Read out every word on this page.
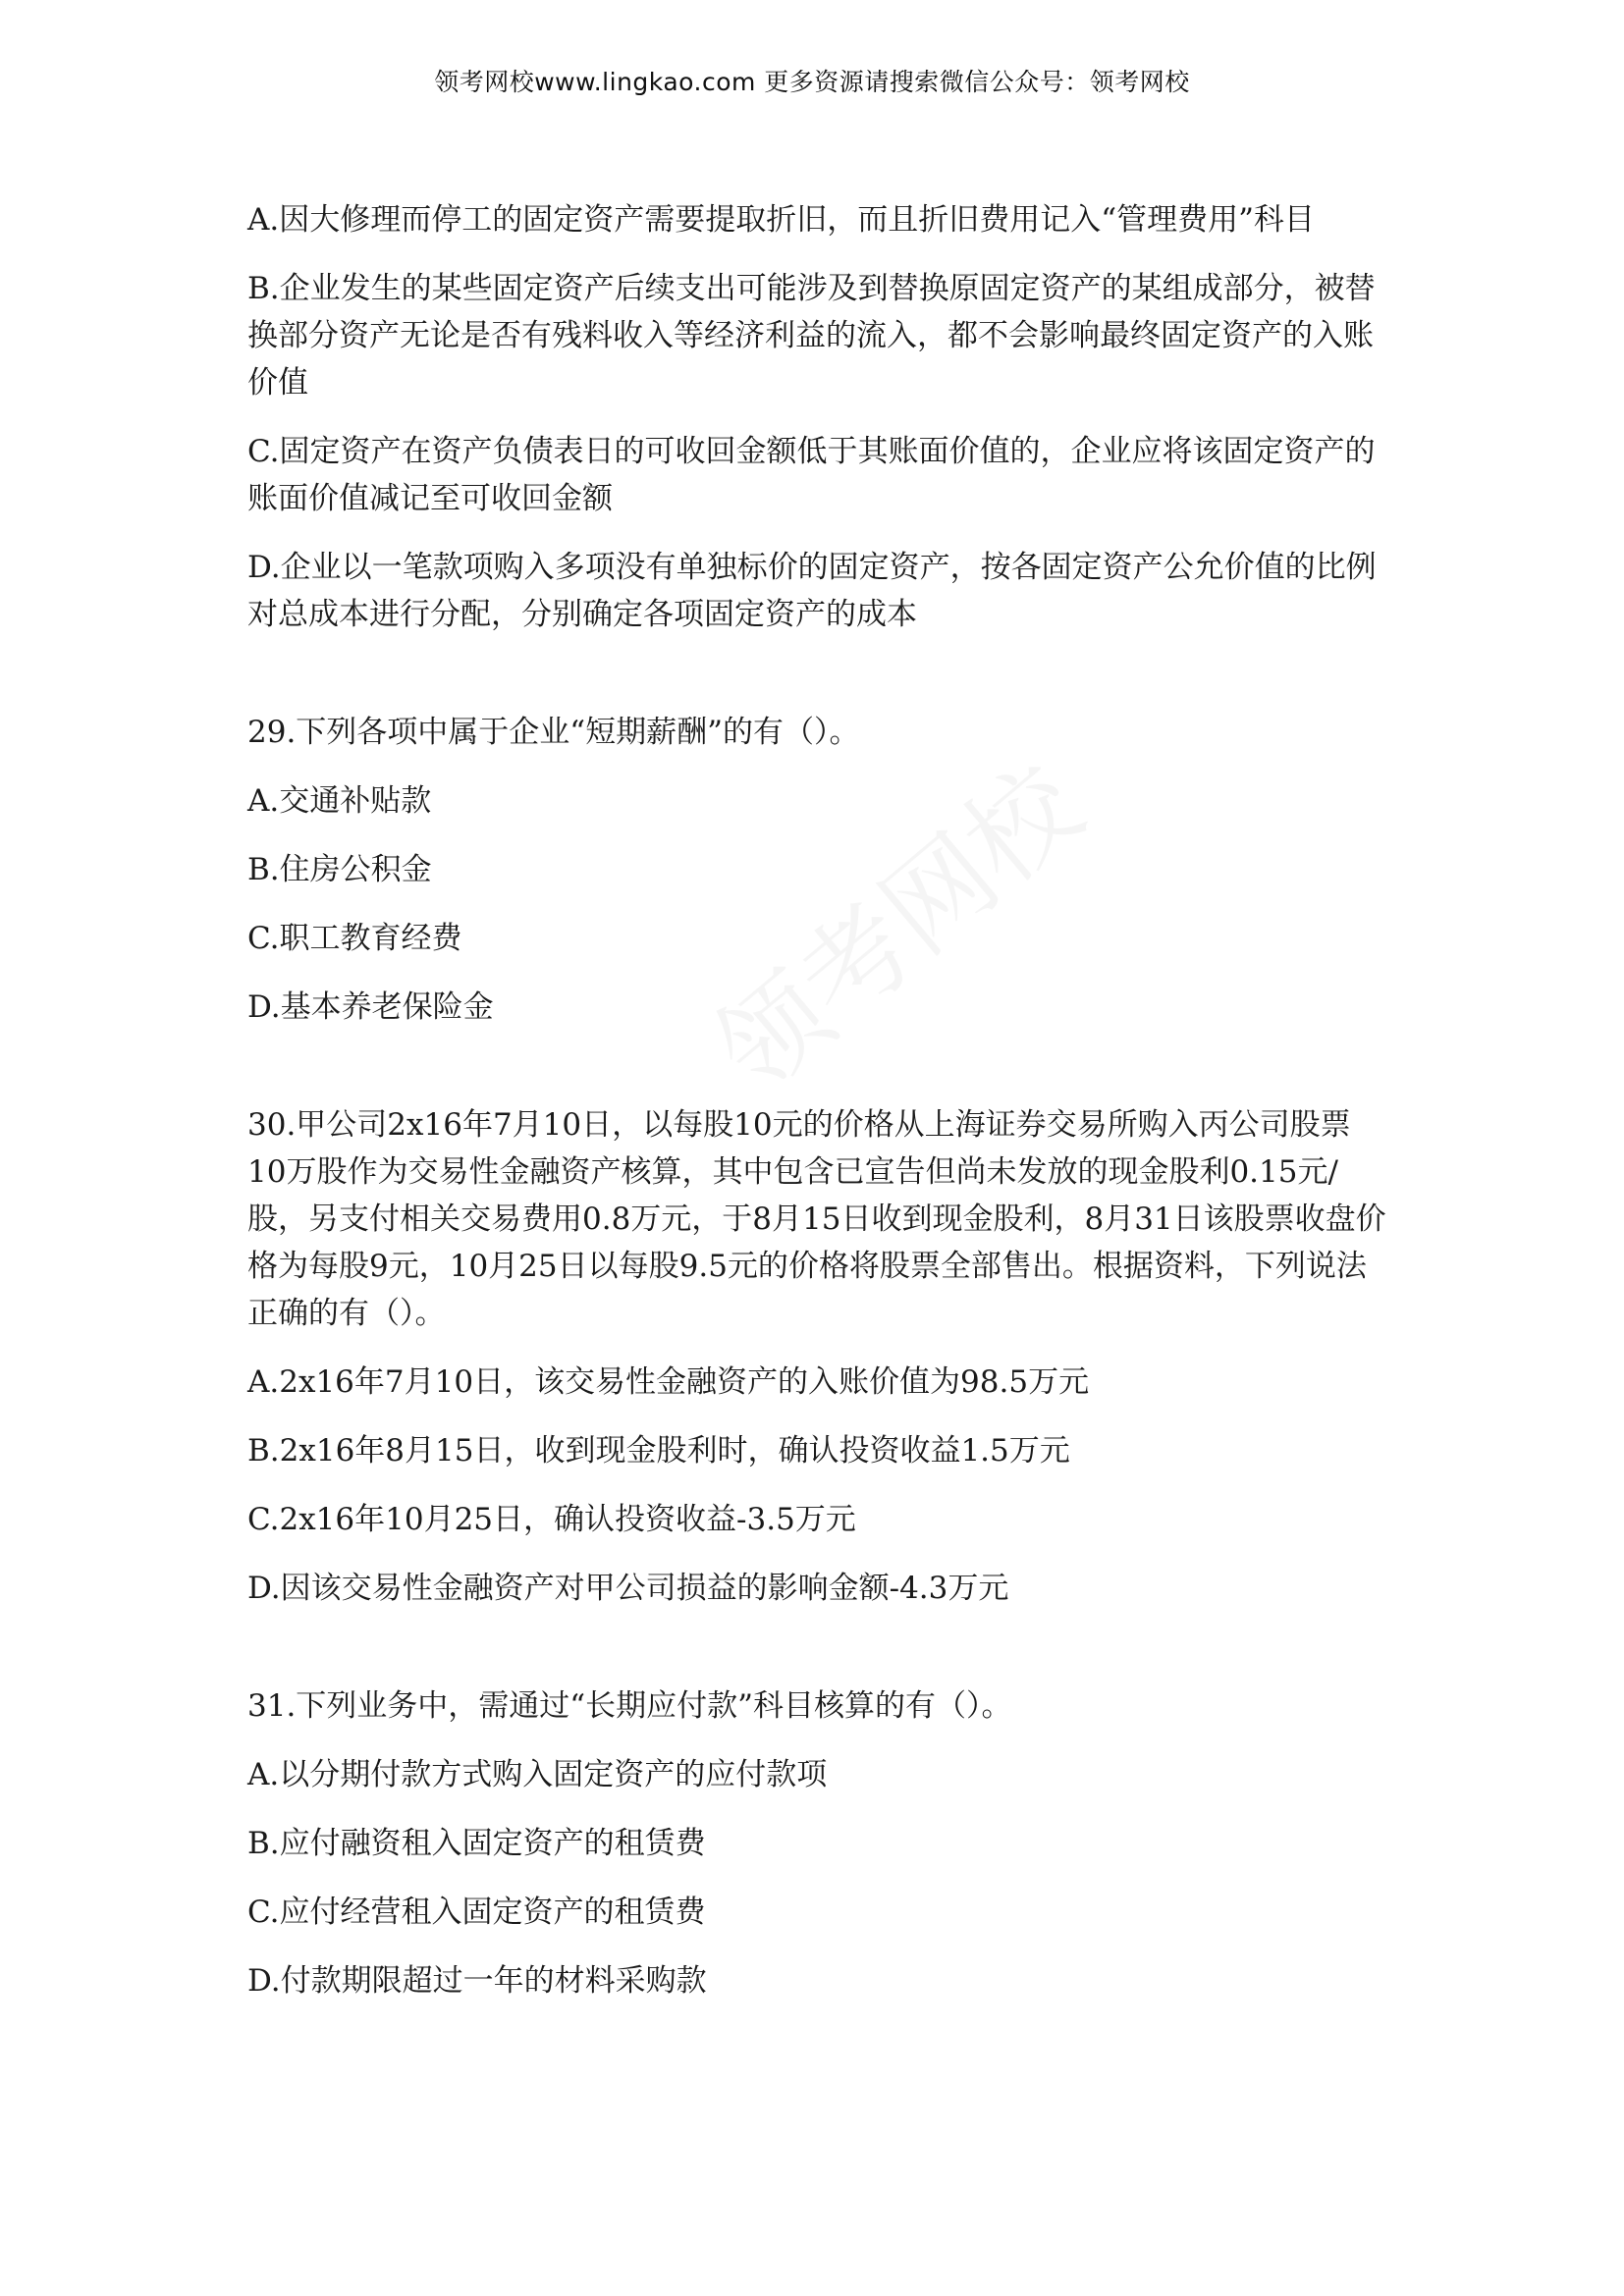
领考网校www.lingkao.com 更多资源请搜索微信公众号：领考网校

A.因大修理而停工的固定资产需要提取折旧，而且折旧费用记入“管理费用”科目

B.企业发生的某些固定资产后续支出可能涉及到替换原固定资产的某组成部分，被替换部分资产无论是否有残料收入等经济利益的流入，都不会影响最终固定资产的入账价值

C.固定资产在资产负债表日的可收回金额低于其账面价值的，企业应将该固定资产的账面价值减记至可收回金额

D.企业以一笔款项购入多项没有单独标价的固定资产，按各固定资产公允价值的比例对总成本进行分配，分别确定各项固定资产的成本

29.下列各项中属于企业“短期薪酬”的有（）。

A.交通补贴款

B.住房公积金

C.职工教育经费

D.基本养老保险金

30.甲公司2x16年7月10日，以每股10元的价格从上海证券交易所购入丙公司股票10万股作为交易性金融资产核算，其中包含已宣告但尚未发放的现金股利0.15元/股，另支付相关交易费用0.8万元，于8月15日收到现金股利，8月31日该股票收盘价格为每股9元，10月25日以每股9.5元的价格将股票全部售出。根据资料，下列说法正确的有（）。

A.2x16年7月10日，该交易性金融资产的入账价值为98.5万元

B.2x16年8月15日，收到现金股利时，确认投资收益1.5万元

C.2x16年10月25日，确认投资收益-3.5万元

D.因该交易性金融资产对甲公司损益的影响金额-4.3万元

31.下列业务中，需通过“长期应付款”科目核算的有（）。

A.以分期付款方式购入固定资产的应付款项

B.应付融资租入固定资产的租赁费

C.应付经营租入固定资产的租赁费

D.付款期限超过一年的材料采购款
